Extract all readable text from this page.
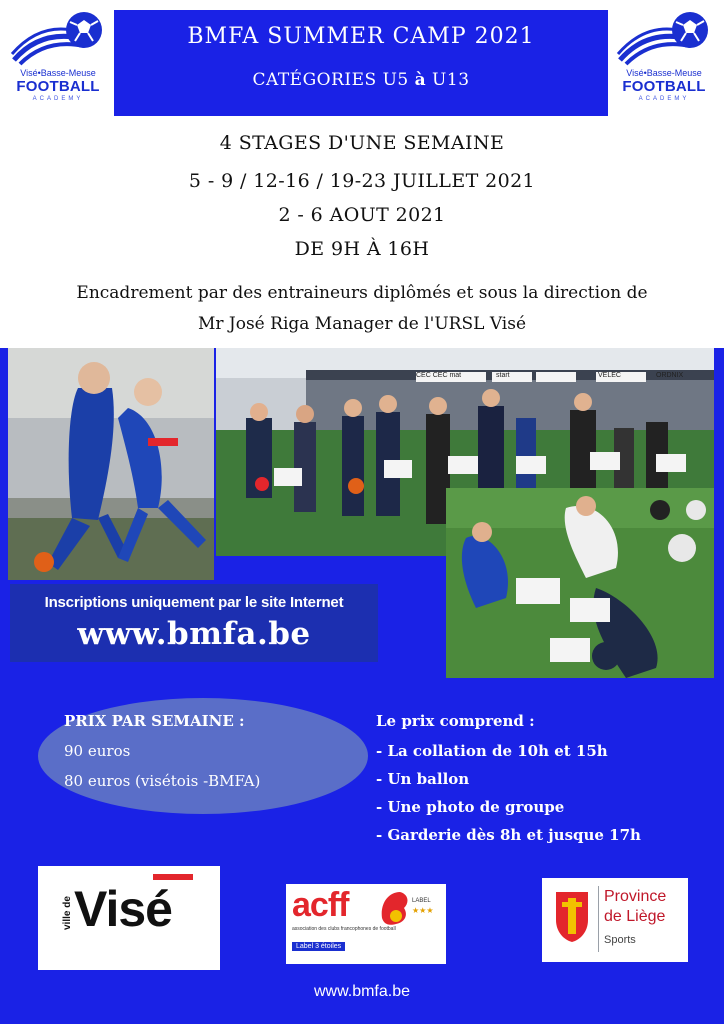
Visé•Basse-Meuse
FOOTBALL
ACADEMY
BMFA SUMMER CAMP 2021
CATÉGORIES U5 à U13	Visé•Basse-Meuse
FOOTBALL
ACADEMY
4 STAGES D'UNE SEMAINE
5 - 9 / 12-16 / 19-23 JUILLET 2021
2 - 6 AOUT 2021
DE 9H À 16H
Encadrement par des entraineurs diplômés et sous la direction de
Mr José Riga Manager de l'URSL Visé
CEC CEC mat	start	VELEC	ORDNIX
Inscriptions uniquement par le site Internet
www.bmfa.be
PRIX PAR SEMAINE :
90 euros
80 euros (visétois -BMFA)
Le prix comprend :
- La collation de 10h et 15h
- Un ballon
- Une photo de groupe
- Garderie dès 8h et jusque 17h
ville de Visé	acff	LABEL
★★★
association des clubs francophones de football
Label 3 étoiles
Province
de Liège
Sports
www.bmfa.be
